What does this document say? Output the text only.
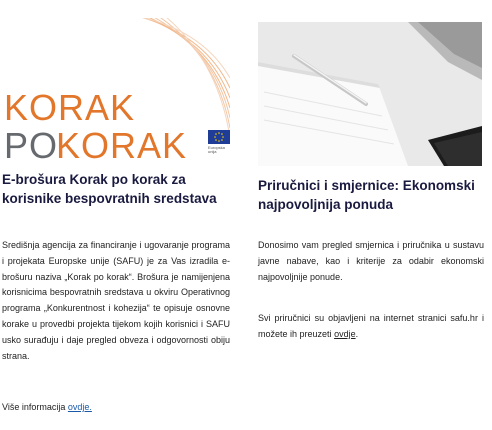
KORAK
PO
KORAK	Europska unija
E-brošura Korak po korak za korisnike bespovratnih sredstava

Središnja agencija za financiranje i ugovaranje programa i projekata Europske unije (SAFU) je za Vas izradila e-brošuru naziva „Korak po korak“. Brošura je namijenjena korisnicima bespovratnih sredstava u okviru Operativnog programa „Konkurentnost i kohezija“ te opisuje osnovne korake u provedbi projekta tijekom kojih korisnici i SAFU usko surađuju i daje pregled obveza i odgovornosti obiju strana.

Više informacija ovdje.

Priručnici i smjernice: Ekonomski najpovoljnija ponuda

Donosimo vam pregled smjernica i priručnika u sustavu javne nabave, kao i kriterije za odabir ekonomski najpovoljnije ponude.

Svi priručnici su objavljeni na internet stranici safu.hr i možete ih preuzeti ovdje.
